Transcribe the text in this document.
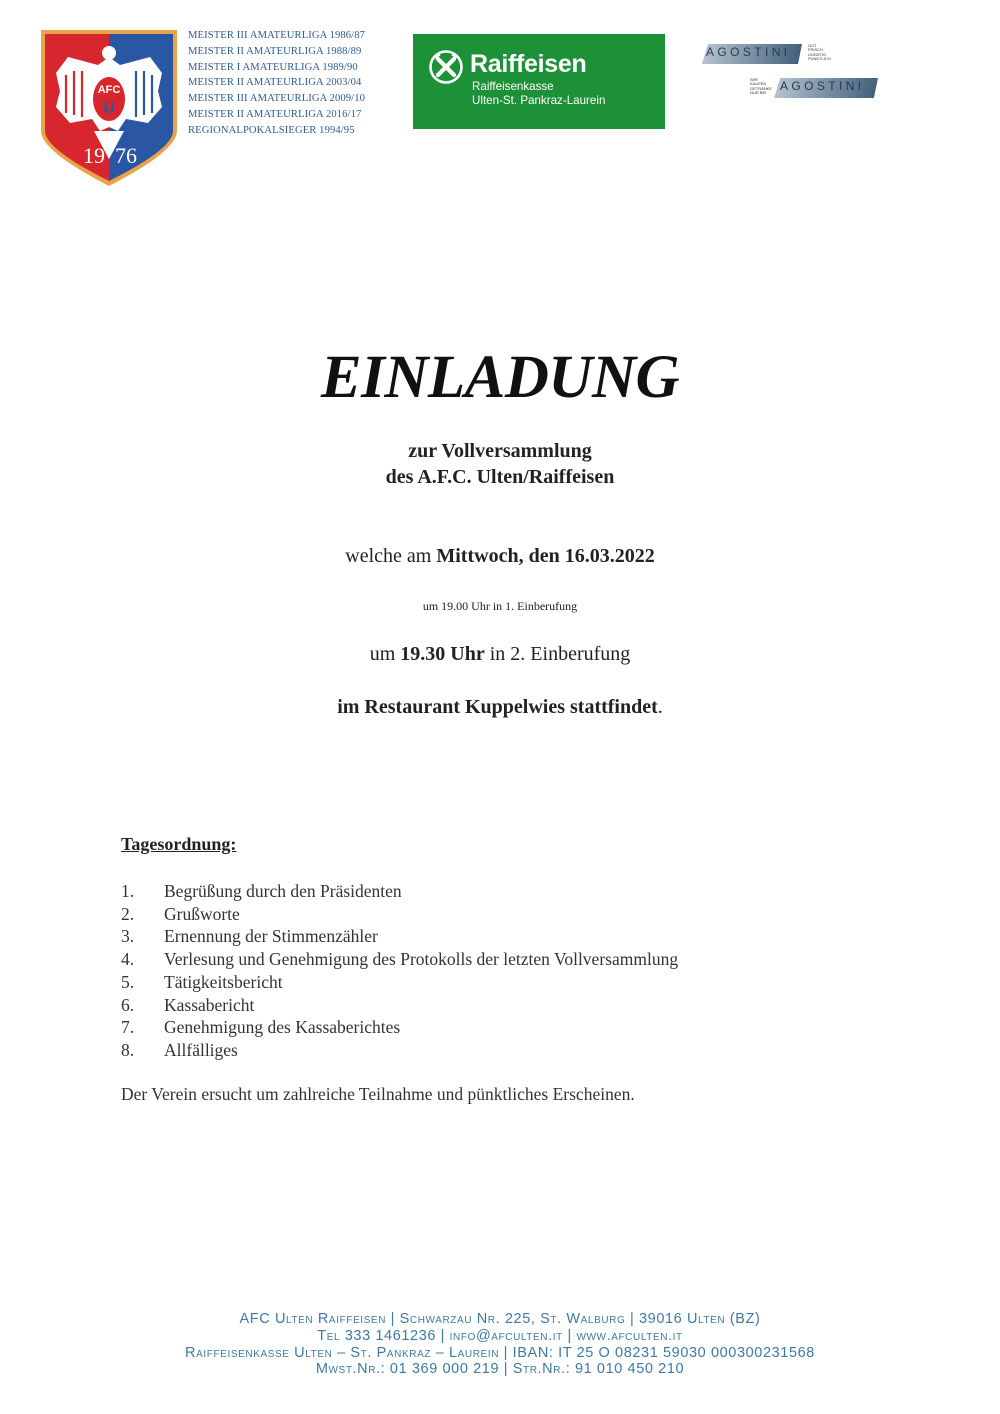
AFC
U
19 76
MEISTER III AMATEURLIGA 1986/87
MEISTER II AMATEURLIGA 1988/89
MEISTER I AMATEURLIGA 1989/90
MEISTER II AMATEURLIGA 2003/04
MEISTER III AMATEURLIGA 2009/10
MEISTER II AMATEURLIGA 2016/17
REGIONALPOKALSIEGER 1994/95
Raiffeisen
Raiffeisenkasse
Ulten-St. Pankraz-Laurein
AGOSTINI	GUT FRISCH GÜNSTIG PÜNKTLICH
WIR KAUFEN GETRÄNKE NUR BEI	AGOSTINI
EINLADUNG
zur Vollversammlung
des A.F.C. Ulten/Raiffeisen
welche am Mittwoch, den 16.03.2022
um 19.00 Uhr in 1. Einberufung
um 19.30 Uhr in 2. Einberufung
im Restaurant Kuppelwies stattfindet.
Tagesordnung:
1. Begrüßung durch den Präsidenten
2. Grußworte
3. Ernennung der Stimmenzähler
4. Verlesung und Genehmigung des Protokolls der letzten Vollversammlung
5. Tätigkeitsbericht
6. Kassabericht
7. Genehmigung des Kassaberichtes
8. Allfälliges
Der Verein ersucht um zahlreiche Teilnahme und pünktliches Erscheinen.
AFC Ulten Raiffeisen | Schwarzau Nr. 225, St. Walburg | 39016 Ulten (BZ)
Tel 333 1461236 | info@afculten.it | www.afculten.it
Raiffeisenkasse Ulten – St. Pankraz – Laurein | IBAN: IT 25 O 08231 59030 000300231568
Mwst.Nr.: 01 369 000 219 | Str.Nr.: 91 010 450 210
